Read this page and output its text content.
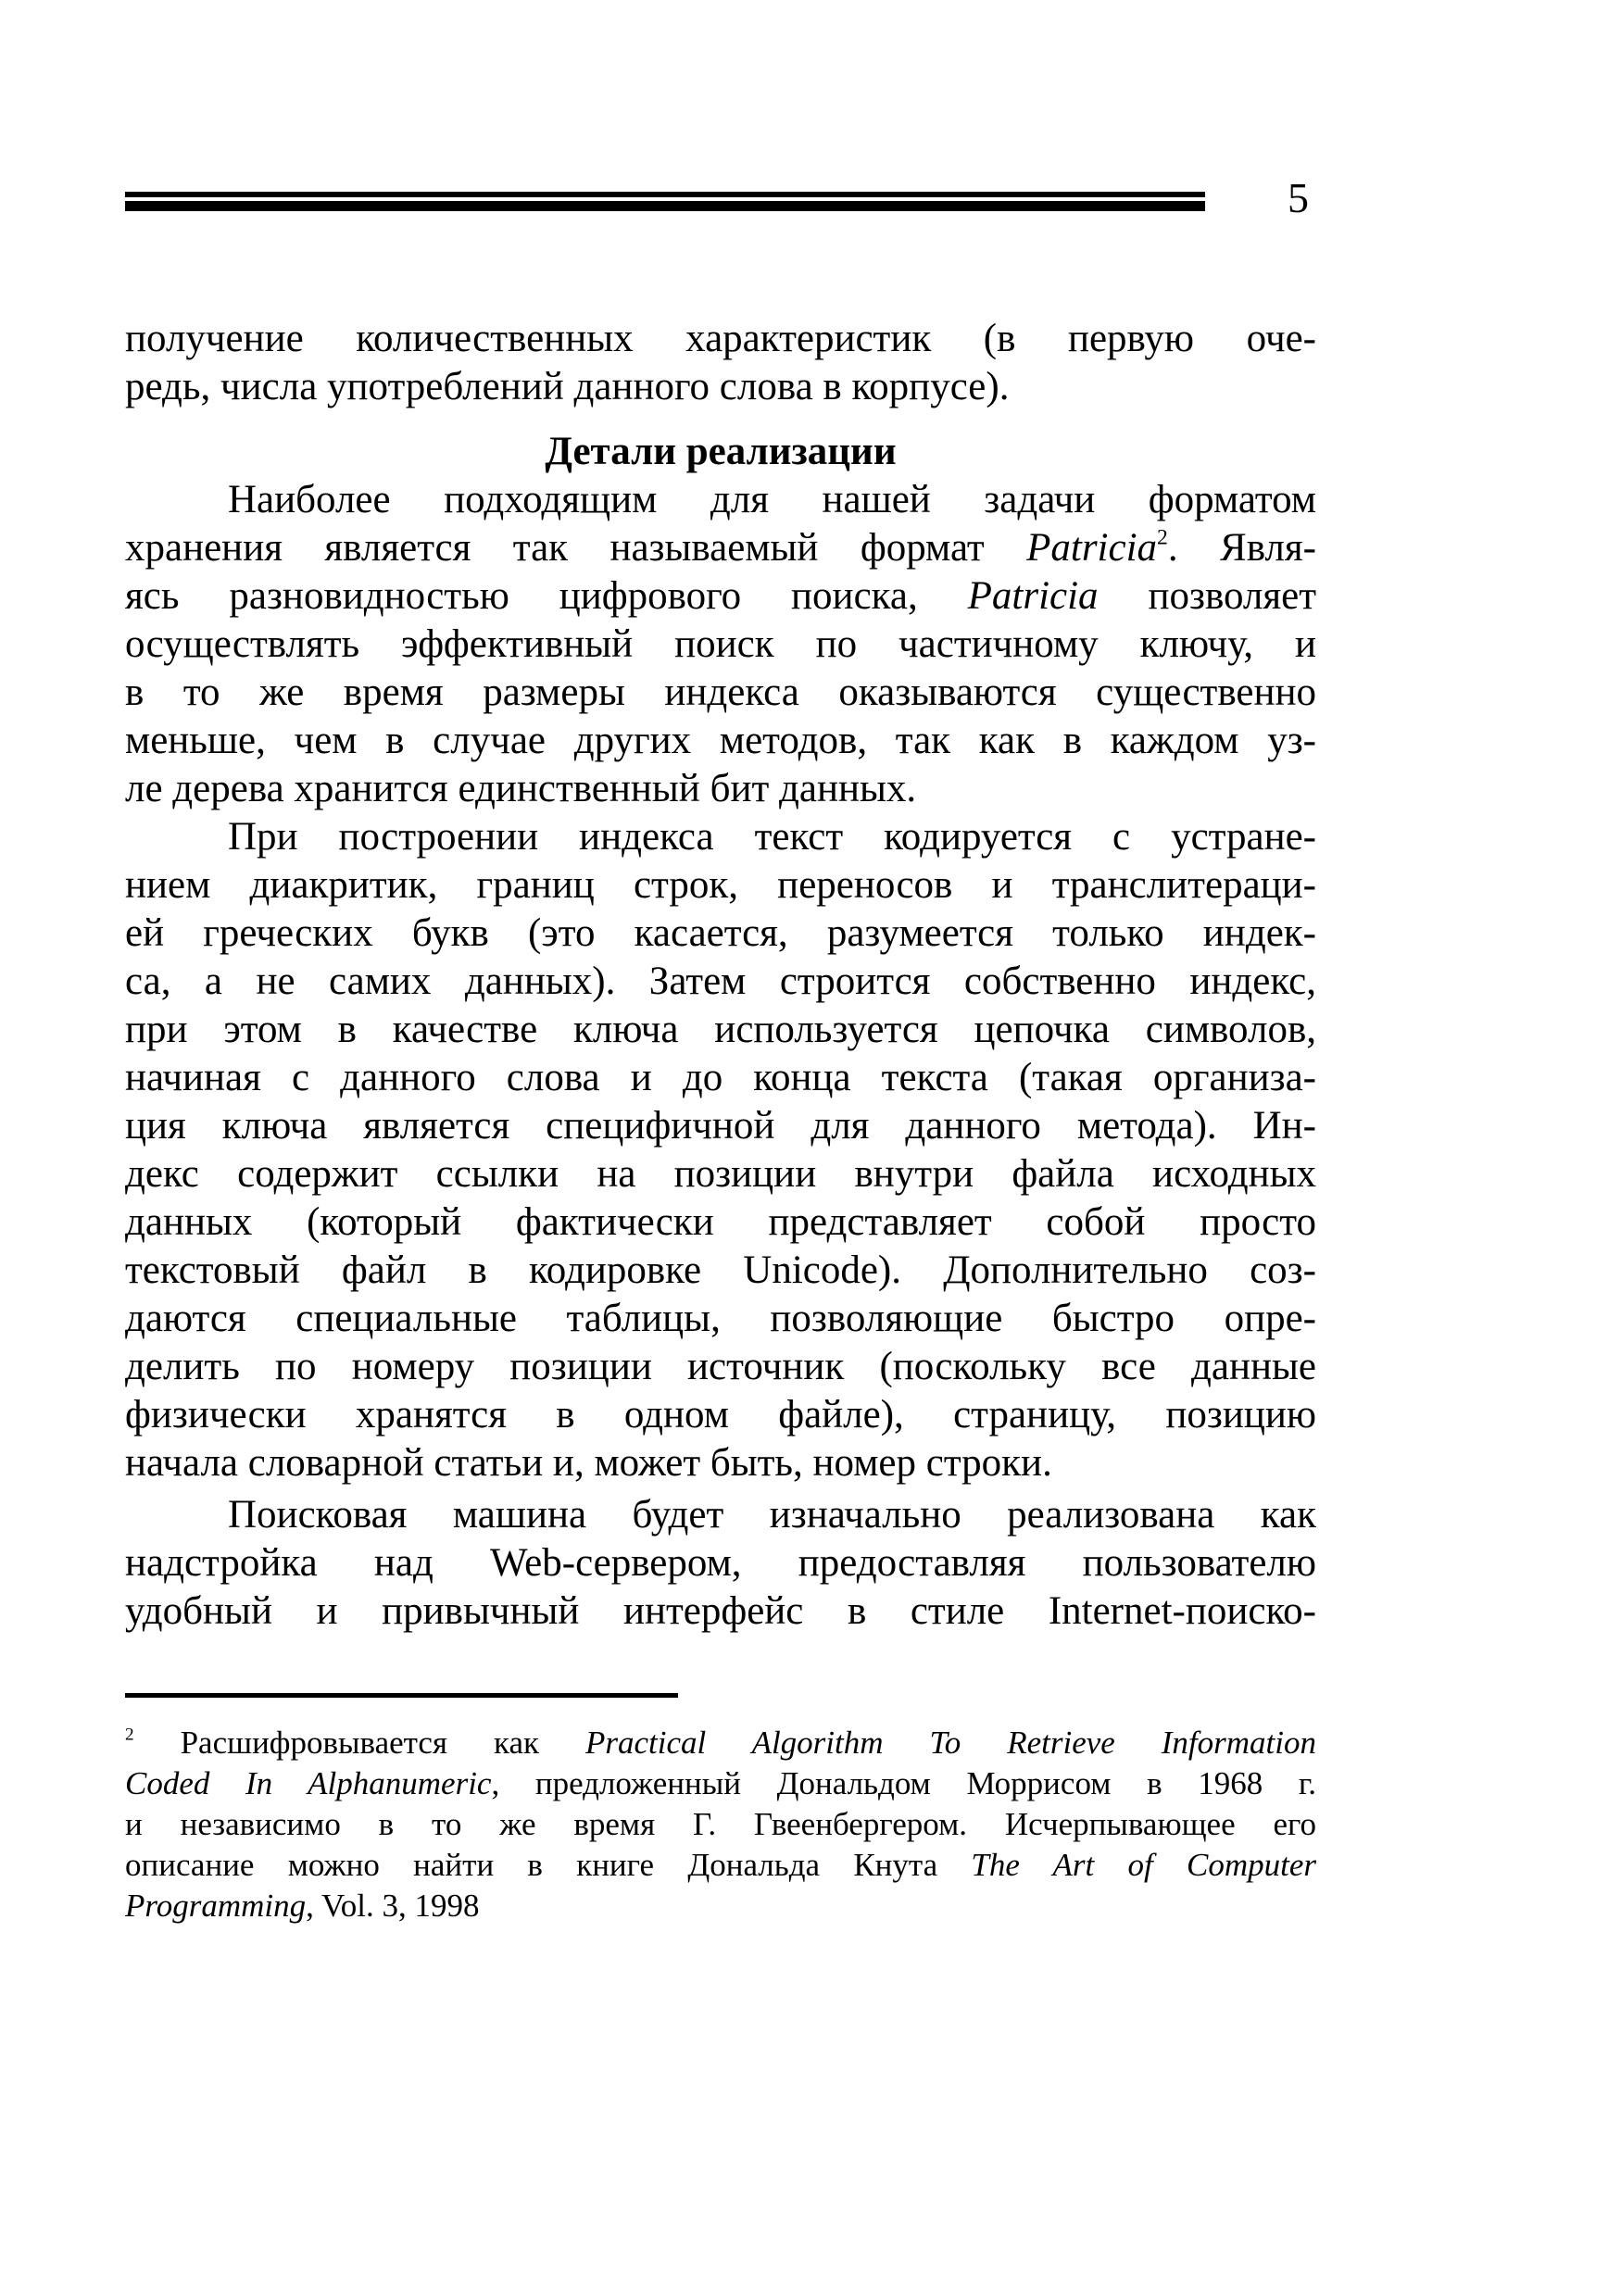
5
получение количественных характеристик (в первую оче-
редь, числа употреблений данного слова в корпусе).
Детали реализации
Наиболее подходящим для нашей задачи форматом
хранения является так называемый формат Patricia$^2$. Явля-
ясь разновидностью цифрового поиска, Patricia позволяет
осуществлять эффективный поиск по частичному ключу, и
в то же время размеры индекса оказываются существенно
меньше, чем в случае других методов, так как в каждом уз-
ле дерева хранится единственный бит данных.
При построении индекса текст кодируется с устране-
нием диакритик, границ строк, переносов и транслитераци-
ей греческих букв (это касается, разумеется только индек-
са, а не самих данных). Затем строится собственно индекс,
при этом в качестве ключа используется цепочка символов,
начиная с данного слова и до конца текста (такая организа-
ция ключа является специфичной для данного метода). Ин-
декс содержит ссылки на позиции внутри файла исходных
данных (который фактически представляет собой просто
текстовый файл в кодировке Unicode). Дополнительно соз-
даются специальные таблицы, позволяющие быстро опре-
делить по номеру позиции источник (поскольку все данные
физически хранятся в одном файле), страницу, позицию
начала словарной статьи и, может быть, номер строки.
Поисковая машина будет изначально реализована как
надстройка над Web-сервером, предоставляя пользователю
удобный и привычный интерфейс в стиле Internet-поиско-
$^2$ Расшифровывается как Practical Algorithm To Retrieve Information
Coded In Alphanumeric, предложенный Дональдом Моррисом в 1968 г.
и независимо в то же время Г. Гвеенбергером. Исчерпывающее его
описание можно найти в книге Дональда Кнута The Art of Computer
Programming, Vol. 3, 1998
